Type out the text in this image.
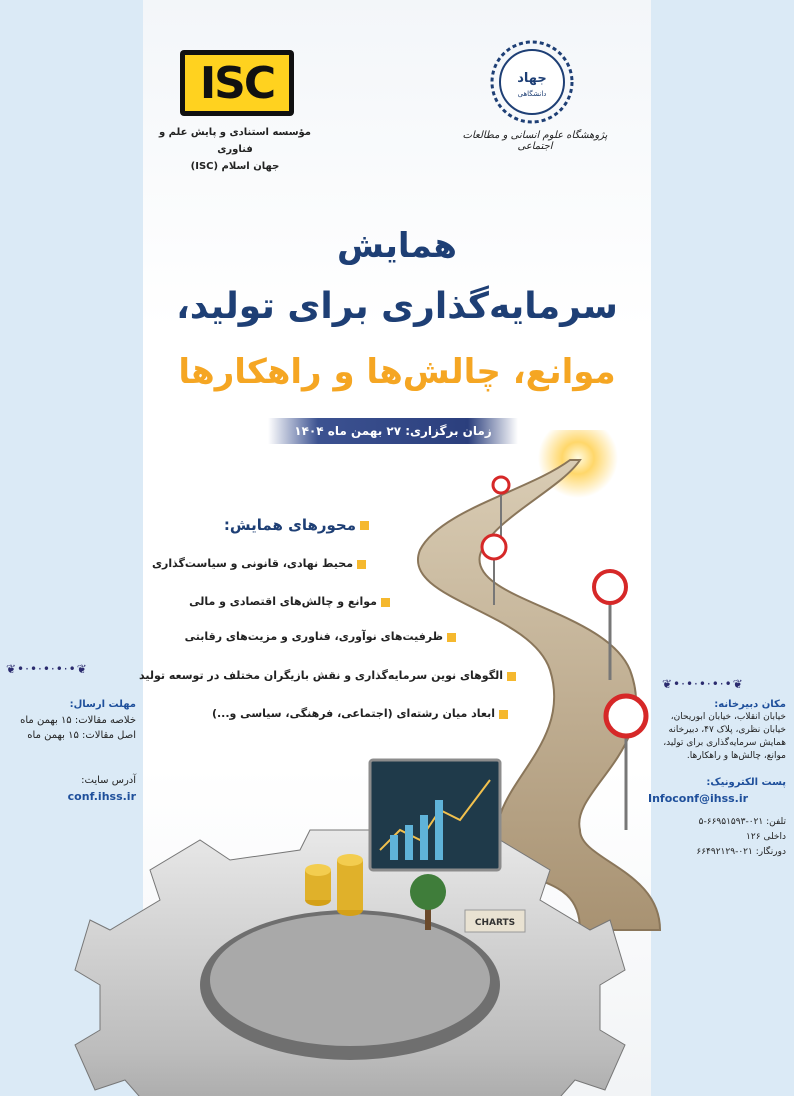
ISC
مؤسسه استنادی و پایش علم و فناوری
جهان اسلام (ISC)
جهاد
دانشگاهی
پژوهشگاه علوم انسانی و مطالعات اجتماعی
همایش
سرمایه‌گذاری برای تولید،
موانع، چالش‌ها و راهکارها
زمان برگزاری: ۲۷ بهمن ماه ۱۴۰۴
CHARTS
محورهای همایش:
محیط نهادی، قانونی و سیاست‌گذاری
موانع و چالش‌های اقتصادی و مالی
ظرفیت‌های نوآوری، فناوری و مزیت‌های رقابتی
الگوهای نوین سرمایه‌گذاری و نقش بازیگران مختلف در توسعه تولید
ابعاد میان رشته‌ای (اجتماعی، فرهنگی، سیاسی و...)
❦•·•·•·•·•❦
مهلت ارسال:
خلاصه مقالات: ۱۵ بهمن ماه
اصل مقالات: ۱۵ بهمن ماه
آدرس سایت:
conf.ihss.ir
❦•·•·•·•·•❦
مکان دبیرخانه:
خیابان انقلاب، خیابان ابوریحان، خیابان نظری، پلاک ۴۷، دبیرخانه همایش سرمایه‌گذاری برای تولید، موانع، چالش‌ها و راهکارها.
پست الکترونیک:
Infoconf@ihss.ir
تلفن: ۰۲۱-۶۶۹۵۱۵۹۳-۵
داخلی ۱۲۶
دورنگار: ۰۲۱-۶۶۴۹۲۱۲۹
